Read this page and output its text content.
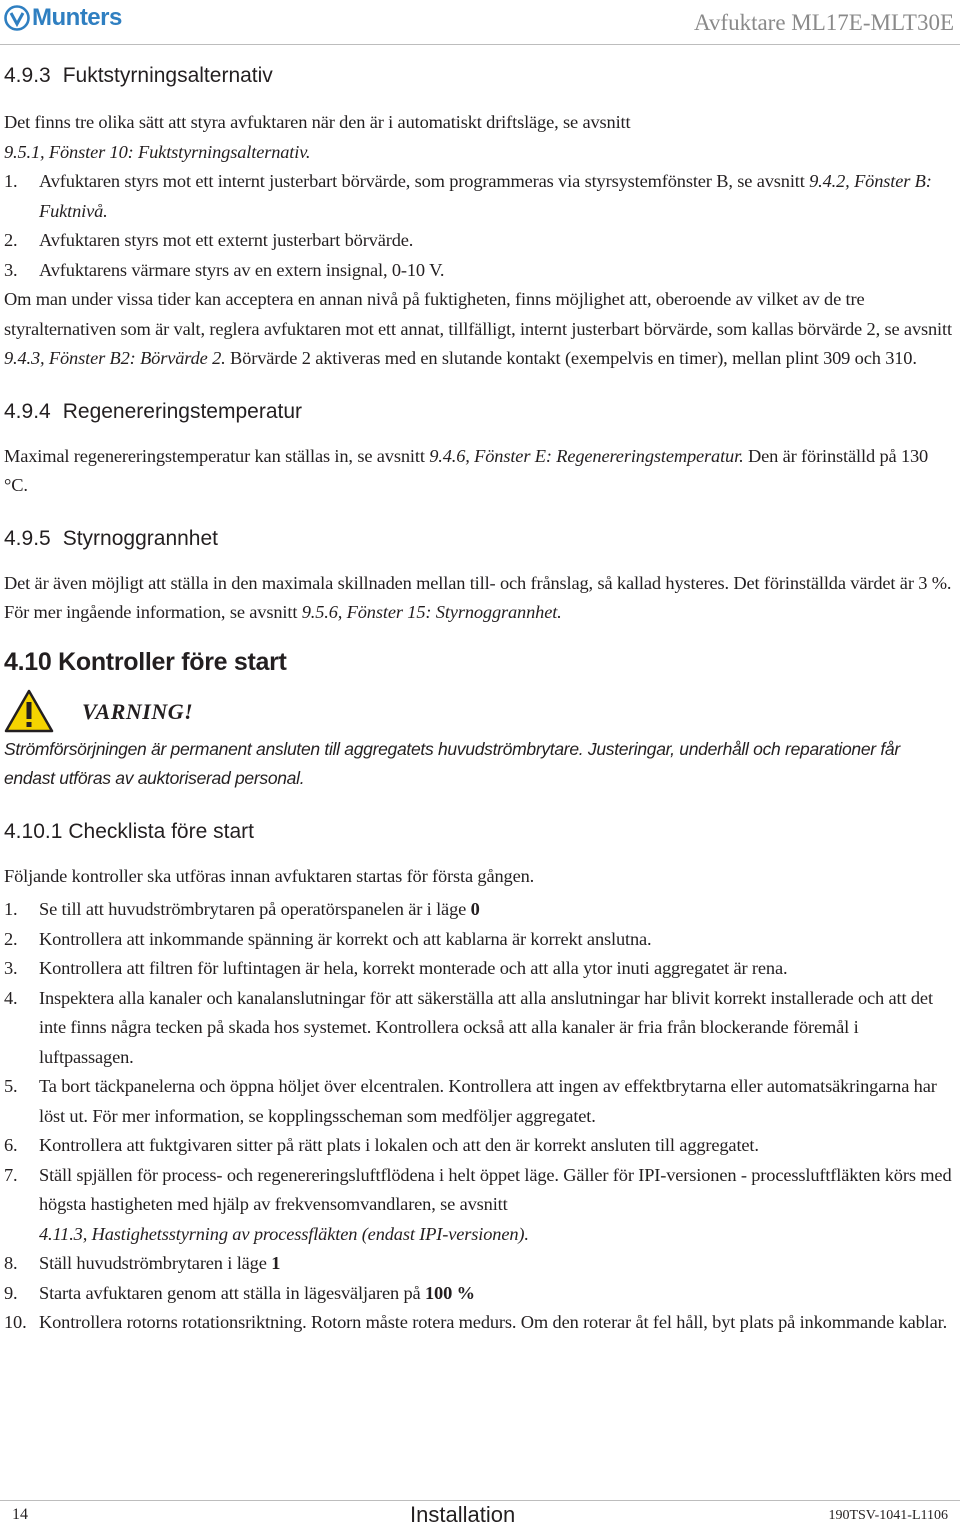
Munters	Avfuktare ML17E-MLT30E
4.9.3 Fuktstyrningsalternativ

Det finns tre olika sätt att styra avfuktaren när den är i automatiskt driftsläge, se avsnitt
9.5.1, Fönster 10: Fuktstyrningsalternativ.

1.	Avfuktaren styrs mot ett internt justerbart börvärde, som programmeras via styrsystemfönster B, se avsnitt 9.4.2, Fönster B: Fuktnivå.
2.	Avfuktaren styrs mot ett externt justerbart börvärde.
3.	Avfuktarens värmare styrs av en extern insignal, 0-10 V.

Om man under vissa tider kan acceptera en annan nivå på fuktigheten, finns möjlighet att, oberoende av vilket av de tre styralternativen som är valt, reglera avfuktaren mot ett annat, tillfälligt, internt justerbart börvärde, som kallas börvärde 2, se avsnitt 9.4.3, Fönster B2: Börvärde 2. Börvärde 2 aktiveras med en slutande kontakt (exempelvis en timer), mellan plint 309 och 310.

4.9.4 Regenereringstemperatur

Maximal regenereringstemperatur kan ställas in, se avsnitt 9.4.6, Fönster E: Regenereringstemperatur. Den är förinställd på 130 °C.

4.9.5 Styrnoggrannhet

Det är även möjligt att ställa in den maximala skillnaden mellan till- och frånslag, så kallad hysteres. Det förinställda värdet är 3 %. För mer ingående information, se avsnitt 9.5.6, Fönster 15: Styrnoggrannhet.

4.10 Kontroller före start
VARNING!

Strömförsörjningen är permanent ansluten till aggregatets huvudströmbrytare. Justeringar, underhåll och reparationer får endast utföras av auktoriserad personal.

4.10.1 Checklista före start

Följande kontroller ska utföras innan avfuktaren startas för första gången.

1.	Se till att huvudströmbrytaren på operatörspanelen är i läge 0
2.	Kontrollera att inkommande spänning är korrekt och att kablarna är korrekt anslutna.
3.	Kontrollera att filtren för luftintagen är hela, korrekt monterade och att alla ytor inuti aggregatet är rena.
4.	Inspektera alla kanaler och kanalanslutningar för att säkerställa att alla anslutningar har blivit korrekt installerade och att det inte finns några tecken på skada hos systemet. Kontrollera också att alla kanaler är fria från blockerande föremål i luftpassagen.
5.	Ta bort täckpanelerna och öppna höljet över elcentralen. Kontrollera att ingen av effektbrytarna eller automatsäkringarna har löst ut. För mer information, se kopplingsscheman som medföljer aggregatet.
6.	Kontrollera att fuktgivaren sitter på rätt plats i lokalen och att den är korrekt ansluten till aggregatet.
7.	Ställ spjällen för process- och regenereringsluftflödena i helt öppet läge. Gäller för IPI-versionen - processluftfläkten körs med högsta hastigheten med hjälp av frekvensomvandlaren, se avsnitt
4.11.3, Hastighetsstyrning av processfläkten (endast IPI-versionen).
8.	Ställ huvudströmbrytaren i läge 1
9.	Starta avfuktaren genom att ställa in lägesväljaren på 100 %
10. Kontrollera rotorns rotationsriktning. Rotorn måste rotera medurs. Om den roterar åt fel håll, byt plats på inkommande kablar.
14	Installation	190TSV-1041-L1106
